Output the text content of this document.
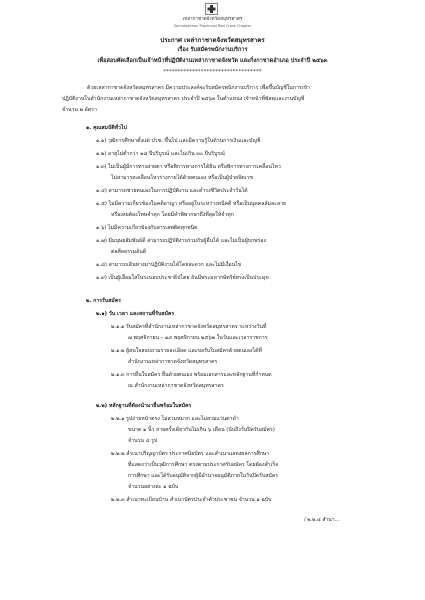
เหล่ากาชาดจังหวัดสมุทรสาคร
Samutsakhon Provincial Red Cross Chapter
ประกาศ เหล่ากาชาดจังหวัดสมุทรสาคร
เรื่อง รับสมัครพนักงานบริการ
เพื่อสอบคัดเลือกเป็นเจ้าหน้าที่ปฏิบัติงานเหล่ากาชาดจังหวัด และกิ่งกาชาดอำเภอ ประจำปี ๒๕๖๓
**********************************
ด้วยเหล่ากาชาดจังหวัดสมุทรสาคร มีความประสงค์จะรับสมัครพนักงานบริการ เพื่อขึ้นบัญชีในการเข้า
ปฏิบัติงานในสำนักงานเหล่ากาชาดจังหวัดสมุทรสาคร ประจำปี ๒๕๖๓ ในตำแหน่ง เจ้าหน้าที่พัสดุและงานบัญชี
จำนวน ๒ อัตรา
๑. คุณสมบัติทั่วไป
๑.๑) วุฒิการศึกษาตั้งแต่ ปวช. ขึ้นไป และมีความรู้ในด้านการเงินและบัญชี
๑.๒) อายุไม่ต่ำกว่า ๑๘ ปีบริบูรณ์ และไม่เกิน ๓๐ ปีบริบูรณ์
๑.๓) ไม่เป็นผู้มีการทางสายตา หรือพิการทางการได้ยิน หรือพิการทางการเคลื่อนไหว
ไม่สามารถเคลื่อนไหวร่างกายได้ด้วยตนเอง หรือเป็นผู้ป่วยจิตเวช
๑.๔) สามารถช่วยตนเองในการปฏิบัติงาน และดำรงชีวิตประจำวันได้
๑.๕) ไม่มีความเกี่ยวข้องในคดีอาญา หรืออยู่ในระหว่างหนีคดี หรือเป็นบุคคลล้มละลาย
หรือเคยต้องโทษจำคุก โดยมีคำพิพากษาถึงที่สุดให้จำคุก
๑.๖) ไม่มีความเกี่ยวข้องกับสารเสพติดทุกชนิด
๑.๗) มีมนุษยสัมพันธ์ดี สามารถปฏิบัติงานร่วมกับผู้อื่นได้ และไม่เป็นผู้บกพร่อง
ต่อศีลธรรมอันดี
๑.๘) สามารถเดินทางมาปฏิบัติงานได้โดยสะดวก และไม่มีเงื่อนไข
๑.๙) เป็นผู้เลื่อมใสในระบอบประชาธิปไตย อันมีพระมหากษัตริย์ทรงเป็นประมุข
๒. การรับสมัคร
๒.๑) วัน เวลา และสถานที่รับสมัคร
๒.๑.๑ รับสมัครที่สำนักงานเหล่ากาชาดจังหวัดสมุทรสาคร ระหว่างวันที่
๗ พฤศจิกายน – ๑๔ พฤศจิกายน ๒๕๖๒ ในวันและเวลาราชการ
๒.๑.๒ ผู้สนใจสอบถามรายละเอียด และขอรับใบสมัครด้วยตนเองได้ที่
สำนักงานเหล่ากาชาดจังหวัดสมุทรสาคร
๒.๑.๓ การยื่นใบสมัคร ยื่นด้วยตนเอง พร้อมเอกสารและหลักฐานที่กำหนด
ณ สำนักงานเหล่ากาชาดจังหวัดสมุทรสาคร
๒.๒) หลักฐานที่ต้องนำมายื่นพร้อมใบสมัคร
๒.๒.๑ รูปถ่ายหน้าตรง ไม่สวมหมวก และไม่สวมแว่นตาดำ
ขนาด ๑ นิ้ว ถ่ายครั้งเดียวกันไม่เกิน ๖ เดือน (นับถึงวันปิดรับสมัคร)
จำนวน ๔ รูป
๒.๒.๒ สำเนาปริญญาบัตร ประกาศนียบัตร และสำเนาแสดงผลการศึกษา
ที่แสดงว่าเป็นวุฒิการศึกษา ตรงตามประกาศรับสมัคร โดยต้องสำเร็จ
การศึกษา และได้รับอนุมัติจากผู้มีอำนาจอนุมัติภายในวันปิดรับสมัคร
จำนวนอย่างละ ๑ ฉบับ
๒.๒.๓ สำเนาทะเบียนบ้าน สำเนาบัตรประจำตัวประชาชน จำนวน ๑ ฉบับ
/ ๒.๒.๔ สำนา...
